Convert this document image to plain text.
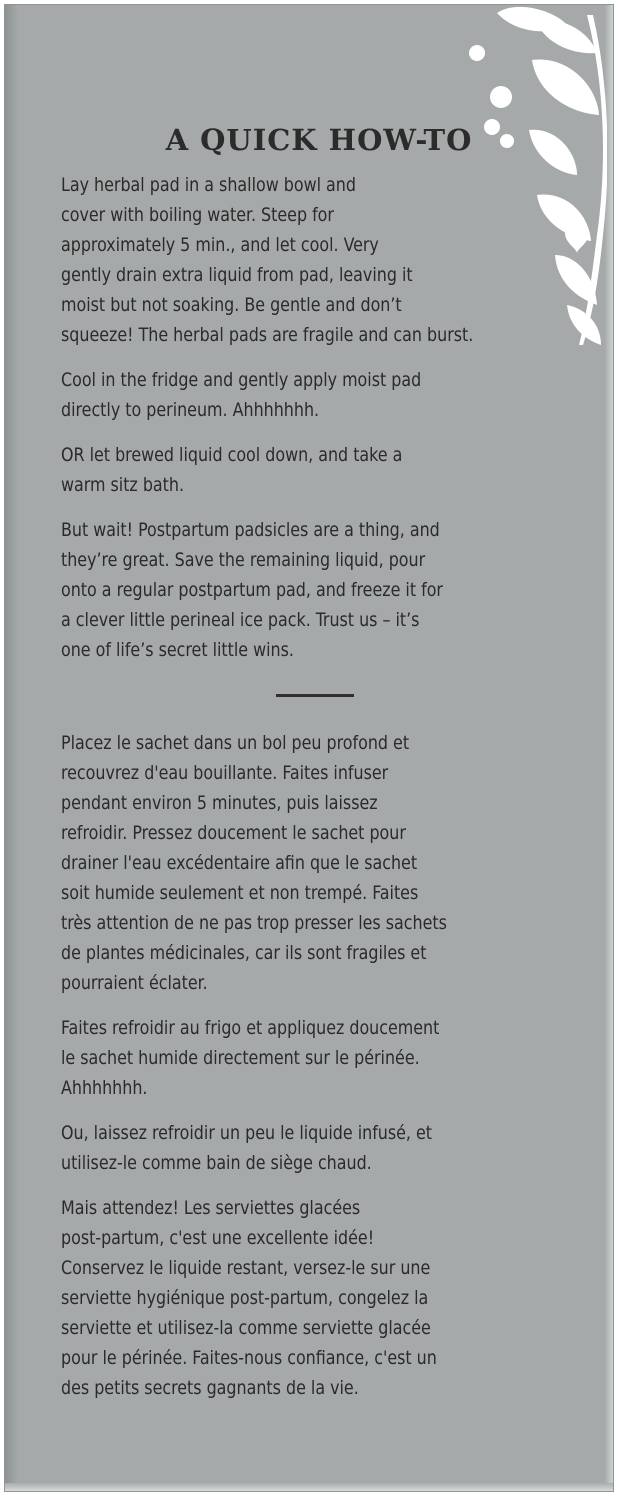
A QUICK HOW-TO

Lay herbal pad in a shallow bowl and
cover with boiling water. Steep for
approximately 5 min., and let cool. Very
gently drain extra liquid from pad, leaving it
moist but not soaking. Be gentle and don’t
squeeze! The herbal pads are fragile and can burst.

Cool in the fridge and gently apply moist pad
directly to perineum. Ahhhhhhh.

OR let brewed liquid cool down, and take a
warm sitz bath.

But wait! Postpartum padsicles are a thing, and
they’re great. Save the remaining liquid, pour
onto a regular postpartum pad, and freeze it for
a clever little perineal ice pack. Trust us – it’s
one of life’s secret little wins.

Placez le sachet dans un bol peu profond et
recouvrez d'eau bouillante. Faites infuser
pendant environ 5 minutes, puis laissez
refroidir. Pressez doucement le sachet pour
drainer l'eau excédentaire afin que le sachet
soit humide seulement et non trempé. Faites
très attention de ne pas trop presser les sachets
de plantes médicinales, car ils sont fragiles et
pourraient éclater.

Faites refroidir au frigo et appliquez doucement
le sachet humide directement sur le périnée.
Ahhhhhhh.

Ou, laissez refroidir un peu le liquide infusé, et
utilisez-le comme bain de siège chaud.

Mais attendez! Les serviettes glacées
post-partum, c'est une excellente idée!
Conservez le liquide restant, versez-le sur une
serviette hygiénique post-partum, congelez la
serviette et utilisez-la comme serviette glacée
pour le périnée. Faites-nous confiance, c'est un
des petits secrets gagnants de la vie.
